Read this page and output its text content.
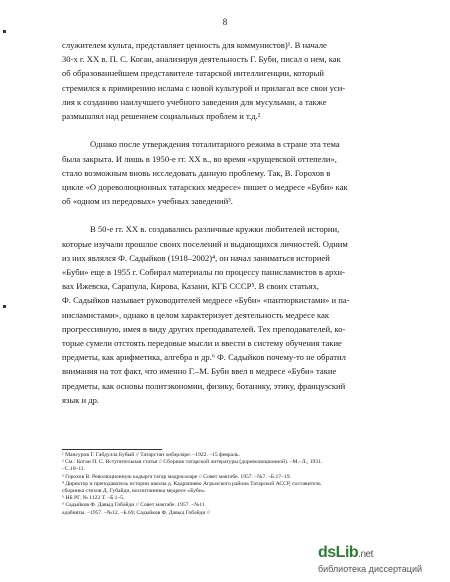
8
служителем культа, представляет ценность для коммунистов)¹. В начале
30-х г. XX в. П. С. Коган, анализируя деятельность Г. Буби, писал о нем, как
об образованнейшем представителе татарской интеллигенции, который
стремился к примирению ислама с новой культурой и прилагал все свои уси-
лия к созданию наилучшего учебного заведения для мусульман, а также
размышлял над решением социальных проблем и т.д.²
Однако после утверждения тоталитарного режима в стране эта тема
была закрыта. И лишь в 1950-е гг. XX в., во время «хрущевской оттепели»,
стало возможным вновь исследовать данную проблему. Так, В. Горохов в
цикле «О дореволюционных татарских медресе» пишет о медресе «Буби» как
об «одном из передовых» учебных заведений³.
В 50-е гг. XX в. создавались различные кружки любителей истории,
которые изучали прошлое своих поселений и выдающихся личностей. Одним
из них являлся Ф. Садыйков (1918–2002)⁴, он начал заниматься историей
«Буби» еще в 1955 г. Собирал материалы по процессу панисламистов в архи-
вах Ижевска, Сарапула, Кирова, Казани, КГБ СССР⁵. В своих статьях,
Ф. Садыйков называет руководителей медресе «Буби» «пантюркистами» и па-
нисламистами», однако в целом характеризует деятельность медресе как
прогрессивную, имея в виду других преподавателей. Тех преподавателей, ко-
торые сумели отстоять передовые мысли и ввести в систему обучения такие
предметы, как арифметика, алгебра и др.⁶ Ф. Садыйков почему-то не обратил
внимания на тот факт, что именно Г.–М. Буби ввел в медресе «Буби» такие
предметы, как основы политэкономии, физику, ботанику, этику, французский
язык и др.
¹ Мансуров Г. Габдулла Бубый // Татарстан хөбәрләре. –1922. –15 февраль.
² См.: Коган П. С. Вступительная статья // Сборник татарской литературы (дореволюционной). –М.–Л., 1931.
–С.10–11.
³ Горохов В. Революционную кадыргә татар мәдрәсәләре // Совет мәктәбе. 1957. –№7. –Б.17–19.
⁴ Директор и преподаватель истории школы д. Кадрапиево Агрызского района Татарской АССР, составитель
сборника стихов Д. Губайди, воспитанника медресе «Буби».
⁵ НБ РГ. № 1123 Т. –Б.1–5.
⁶ Садыйков Ф. Давыд Гобәйди // Совет мәктәбе. 1957. –№11
әдәбияты. –1957. –№12. –Б.69; Садыйков Ф. Давыд Гобәйди //
dsLib.net
библиотека диссертаций
